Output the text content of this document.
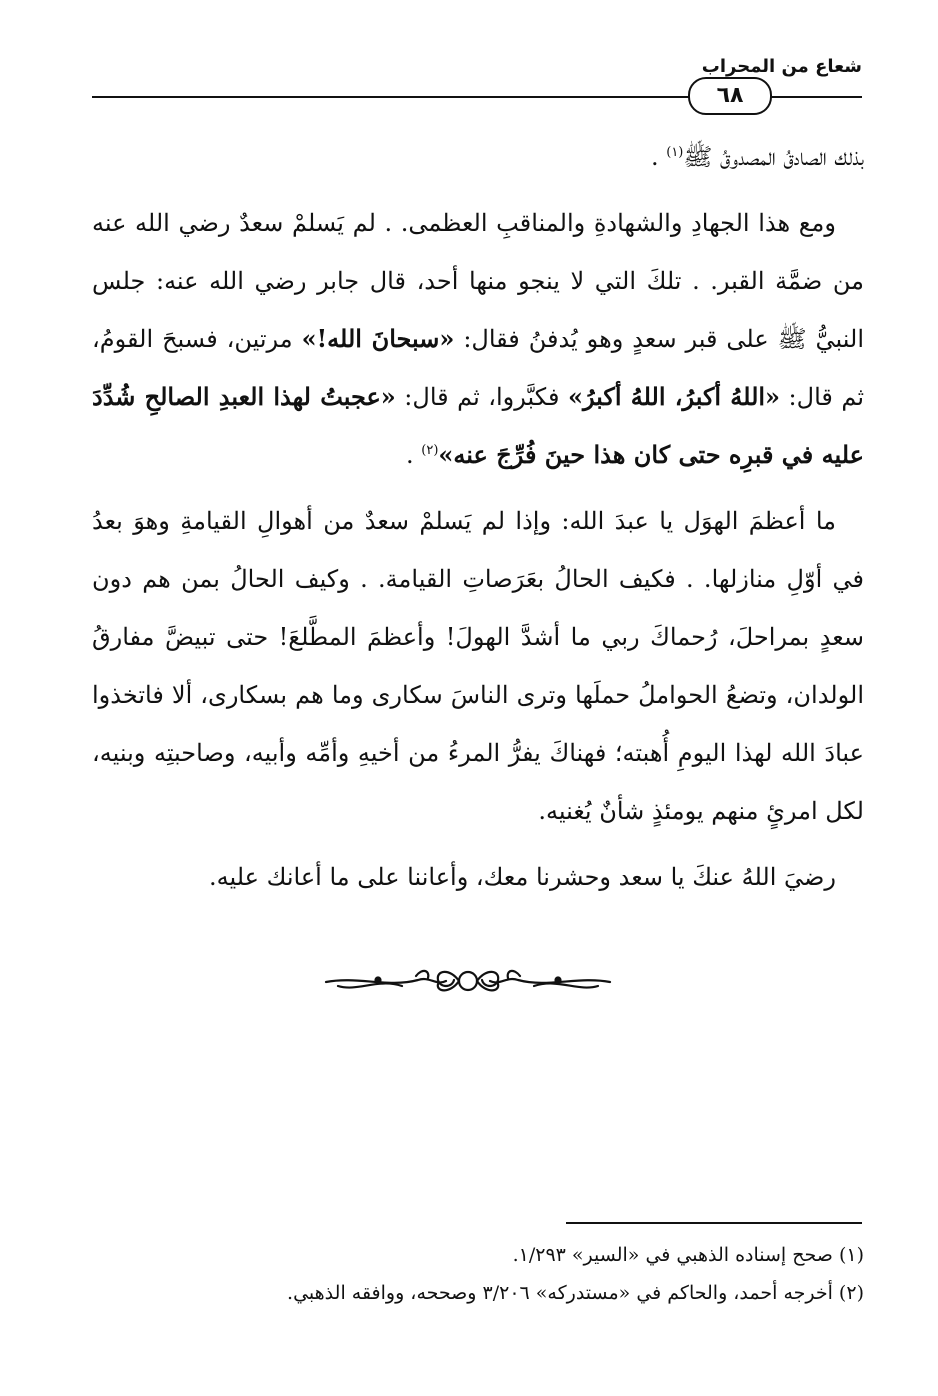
شعاع من المحراب
٦٨

بذلك الصادقُ المصدوقُ ﷺ$^{(١)}$ .

ومع هذا الجهادِ والشهادةِ والمناقبِ العظمى. . لم يَسلمْ سعدٌ رضي الله عنه من ضمَّة القبر. . تلكَ التي لا ينجو منها أحد، قال جابر رضي الله عنه: جلس النبيُّ ﷺ على قبر سعدٍ وهو يُدفنُ فقال: «سبحانَ الله!» مرتين، فسبحَ القومُ، ثم قال: «اللهُ أكبرُ، اللهُ أكبرُ» فكبَّروا، ثم قال: «عجبتُ لهذا العبدِ الصالحِ شُدِّدَ عليه في قبرِه حتى كان هذا حينَ فُرِّجَ عنه»$^{(٢)}$ .

ما أعظمَ الهوَل يا عبدَ الله: وإذا لم يَسلمْ سعدٌ من أهوالِ القيامةِ وهوَ بعدُ في أوّلِ منازلها. . فكيف الحالُ بعَرَصاتِ القيامة. . وكيف الحالُ بمن هم دون سعدٍ بمراحلَ، رُحماكَ ربي ما أشدَّ الهولَ! وأعظمَ المطَّلعَ! حتى تبيضَّ مفارقُ الولدان، وتضعُ الحواملُ حملَها وترى الناسَ سكارى وما هم بسكارى، ألا فاتخذوا عبادَ الله لهذا اليومِ أُهبته؛ فهناكَ يفرُّ المرءُ من أخيهِ وأمِّه وأبيه، وصاحبتِه وبنيه، لكل امرئٍ منهم يومئذٍ شأنٌ يُغنيه.

رضيَ اللهُ عنكَ يا سعد وحشرنا معك، وأعاننا على ما أعانك عليه.

(١) صحح إسناده الذهبي في «السير» ١/٢٩٣.

(٢) أخرجه أحمد، والحاكم في «مستدركه» ٣/٢٠٦ وصححه، ووافقه الذهبي.
